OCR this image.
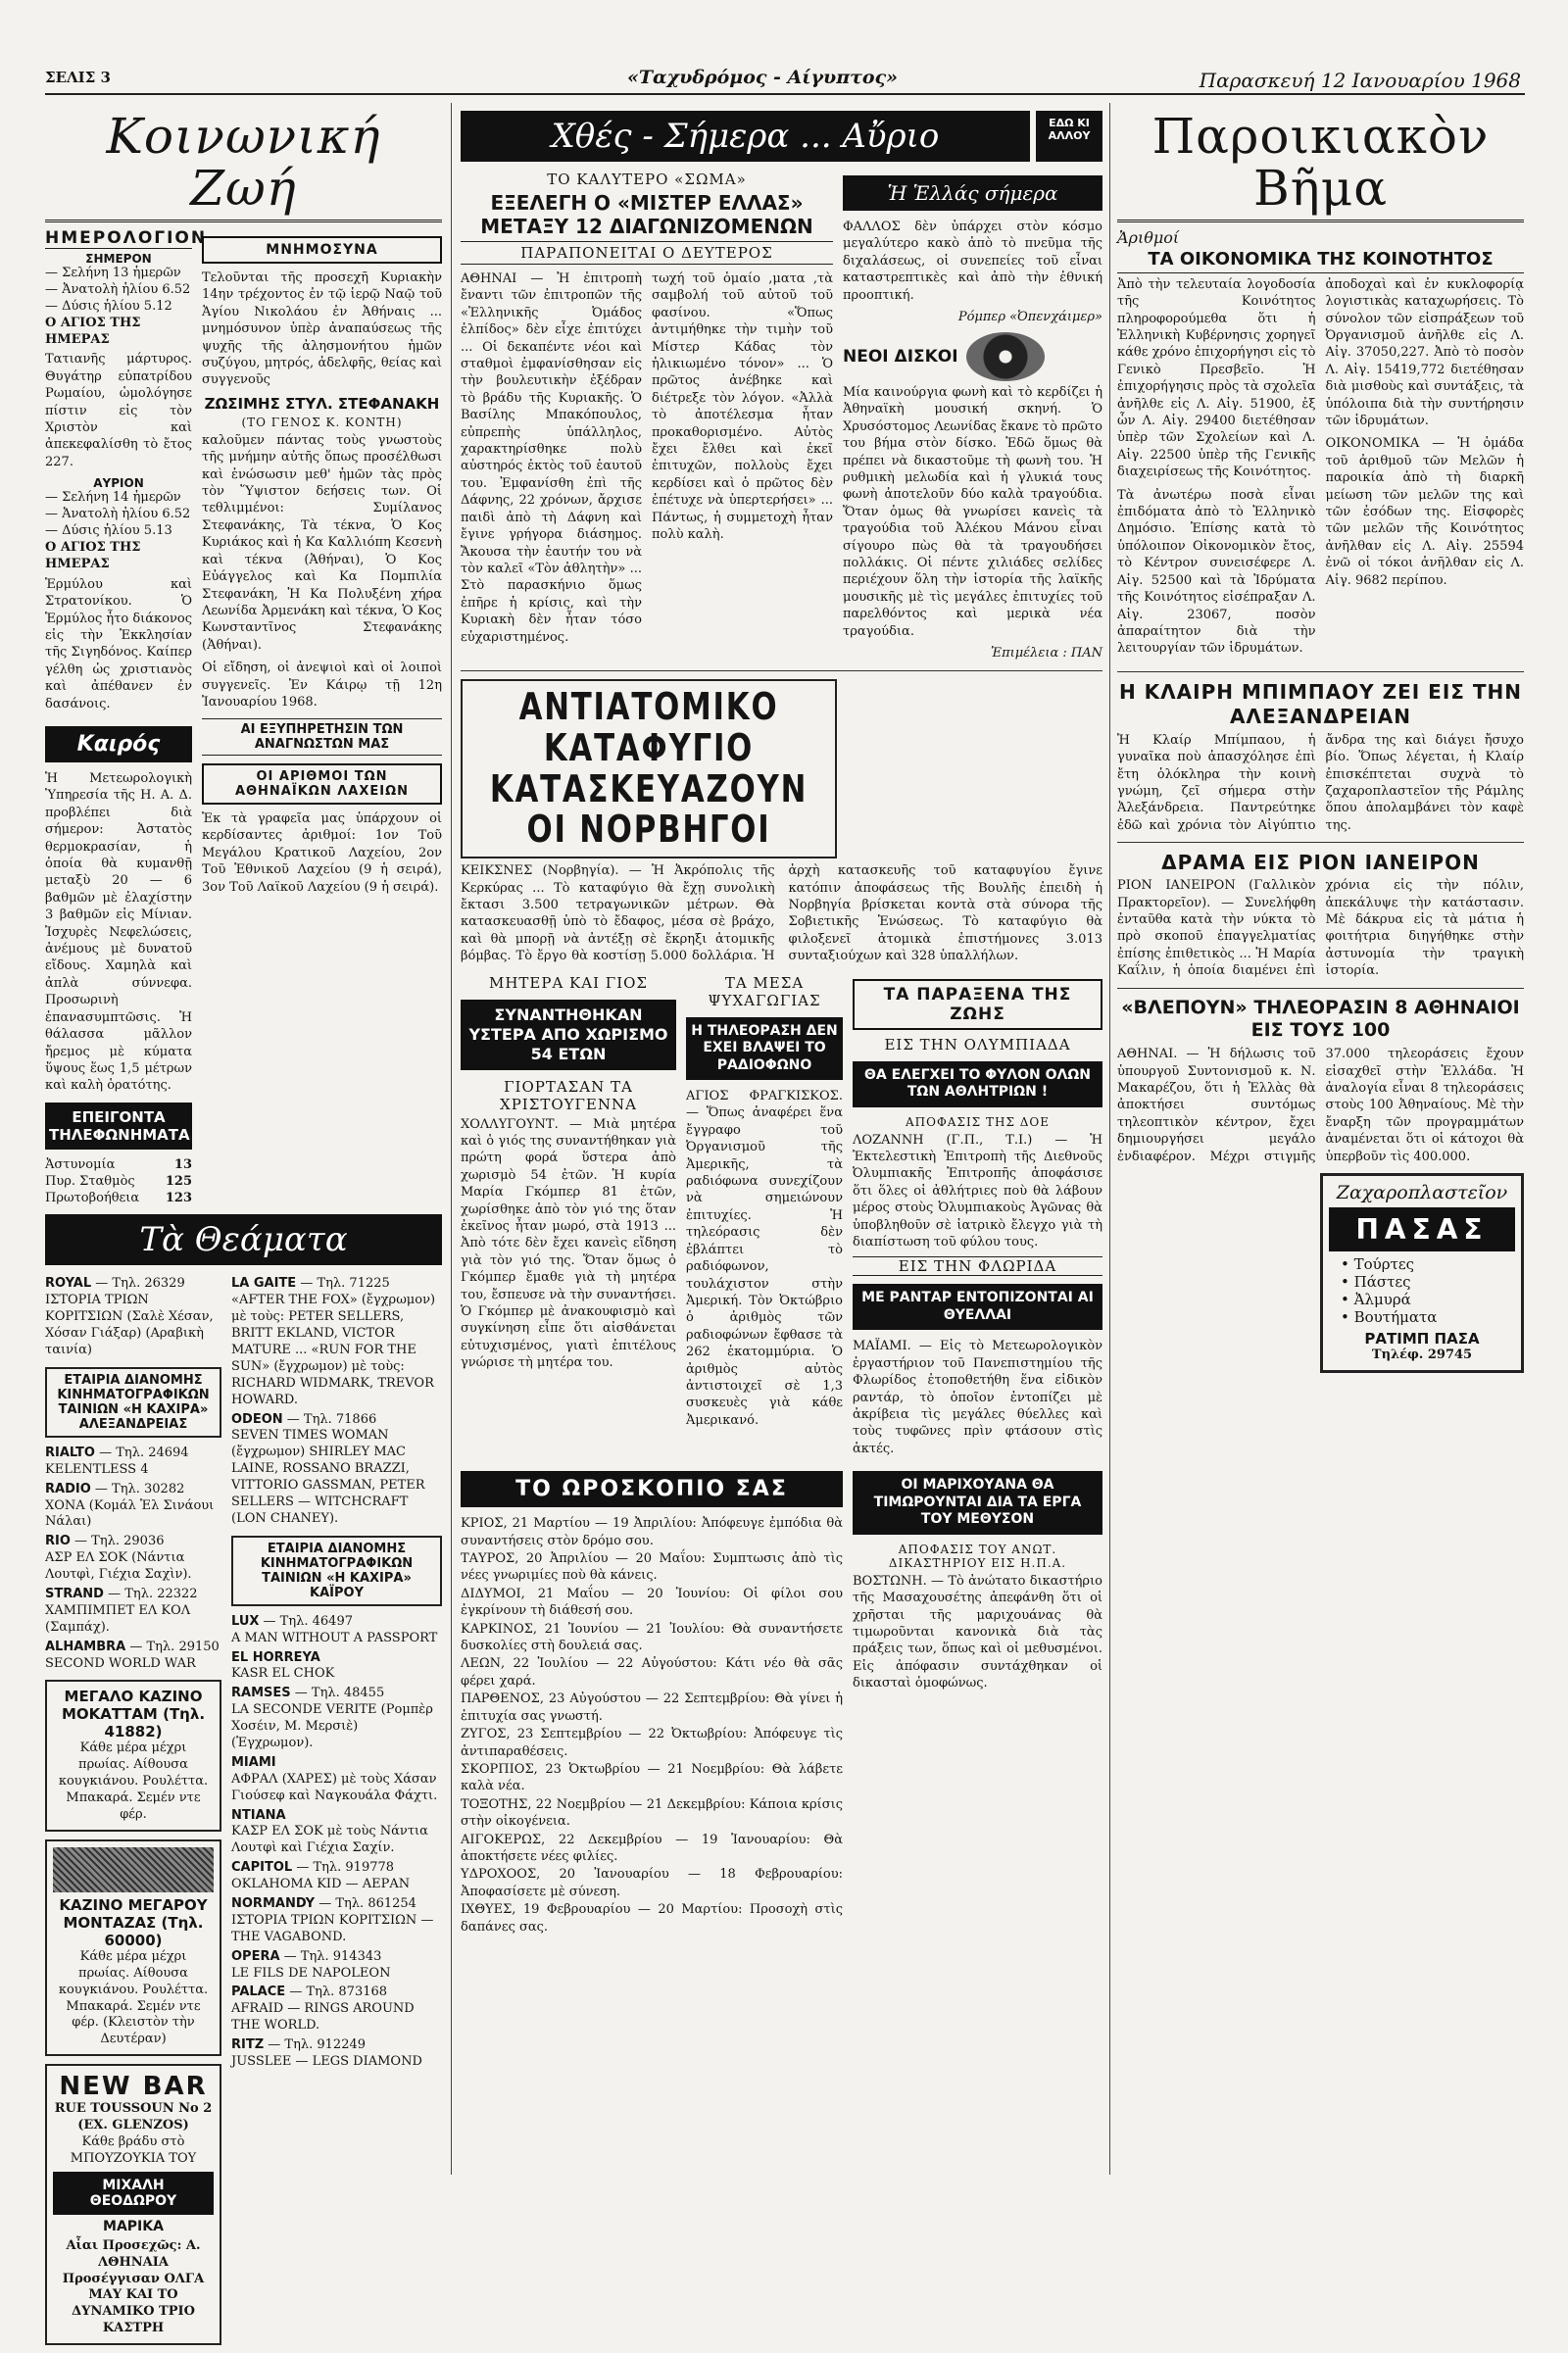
ΣΕΛΙΣ 3	«Ταχυδρόμος - Αίγυπτος»	Παρασκευή 12 Ιανουαρίου 1968
Κοινωνική Ζωή
ΗΜΕΡΟΛΟΓΙΟΝ
ΣΗΜΕΡΟΝ
— Σελήνη 13 ἡμερῶν
— Ἀνατολὴ ἡλίου 6.52
— Δύσις ἡλίου 5.12
Ο ΑΓΙΟΣ ΤΗΣ ΗΜΕΡΑΣ
Τατιανῆς μάρτυρος. Θυγάτηρ εὐπατρίδου Ρωμαίου, ὡμολόγησε πίστιν εἰς τὸν Χριστὸν καὶ ἀπεκεφαλίσθη τὸ ἔτος 227.
ΑΥΡΙΟΝ
— Σελήνη 14 ἡμερῶν
— Ἀνατολὴ ἡλίου 6.52
— Δύσις ἡλίου 5.13
Ο ΑΓΙΟΣ ΤΗΣ ΗΜΕΡΑΣ
Ἑρμύλου καὶ Στρατονίκου. Ὁ Ἑρμύλος ἦτο διάκονος εἰς τὴν Ἐκκλησίαν τῆς Σιγηδόνος. Καίπερ γέλθη ὡς χριστιανὸς καὶ ἀπέθανεν ἐν δασάνοις.
ΜΝΗΜΟΣΥΝΑ
Τελοῦνται τῆς προσεχῆ Κυριακὴν 14ην τρέχοντος ἐν τῷ ἱερῷ Ναῷ τοῦ Ἁγίου Νικολάου ἐν Ἀθήναις ... μνημόσυνον ὑπὲρ ἀναπαύσεως τῆς ψυχῆς τῆς ἀλησμονήτου ἡμῶν συζύγου, μητρός, ἀδελφῆς, θείας καὶ συγγενοῦς
ΖΩΣΙΜΗΣ ΣΤΥΛ. ΣΤΕΦΑΝΑΚΗ
(ΤΟ ΓΕΝΟΣ Κ. ΚΟΝΤΗ)
καλοῦμεν πάντας τοὺς γνωστοὺς τῆς μνήμην αὐτῆς ὅπως προσέλθωσι καὶ ἑνώσωσιν μεθ' ἡμῶν τὰς πρὸς τὸν Ὕψιστον δεήσεις των. Οἱ τεθλιμμένοι: Συμίλανος Στεφανάκης, Τὰ τέκνα, Ὁ Κος Κυριάκος καὶ ἡ Κα Καλλιόπη Κεσενὴ καὶ τέκνα (Ἀθήναι), Ὁ Κος Εὐάγγελος καὶ Κα Πομπιλία Στεφανάκη, Ἡ Κα Πολυξένη χήρα Λεωνίδα Ἀρμενάκη καὶ τέκνα, Ὁ Κος Κωνσταντῖνος Στεφανάκης (Ἀθήναι).
Οἱ εἴδηση, οἱ ἀνεψιοὶ καὶ οἱ λοιποὶ συγγενεῖς. Ἐν Κάιρῳ τῇ 12η Ἰανουαρίου 1968.
Καιρός
Ἡ Μετεωρολογικὴ Ὑπηρεσία τῆς Η. Α. Δ. προβλέπει διὰ σήμερον: Ἀστατὸς θερμοκρασίαν, ἡ ὁποία θὰ κυμανθῇ μεταξὺ 20 — 6 βαθμῶν μὲ ἐλαχίστην 3 βαθμῶν εἰς Μίνιαν. Ἰσχυρὲς Νεφελώσεις, ἀνέμους μὲ δυνατοῦ εἴδους. Χαμηλὰ καὶ ἀπλὰ σύννεφα. Προσωρινὴ ἐπανασυμπτῶσις. Ἡ θάλασσα μᾶλλον ἤρεμος μὲ κύματα ὕψους ἕως 1,5 μέτρων καὶ καλὴ ὁρατότης.
ΕΠΕΙΓΟΝΤΑ ΤΗΛΕΦΩΝΗΜΑΤΑ
Ἀστυνομία	13
Πυρ. Σταθμὸς 125
Πρωτοβοήθεια 123
ΑΙ ΕΞΥΠΗΡΕΤΗΣΙΝ ΤΩΝ ΑΝΑΓΝΩΣΤΩΝ ΜΑΣ
ΟΙ ΑΡΙΘΜΟΙ ΤΩΝ ΑΘΗΝΑΪΚΩΝ ΛΑΧΕΙΩΝ
Ἐκ τὰ γραφεῖα μας ὑπάρχουν οἱ κερδίσαντες ἀριθμοί: 1ον Τοῦ Μεγάλου Κρατικοῦ Λαχείου, 2ον Τοῦ Ἐθνικοῦ Λαχείου (9 ἡ σειρά), 3ον Τοῦ Λαϊκοῦ Λαχείου (9 ἡ σειρά).
Τὰ Θεάματα
ROYAL — Τηλ. 26329
ΙΣΤΟΡΙΑ ΤΡΙΩΝ ΚΟΡΙΤΣΙΩΝ (Σαλὲ Χέσαν, Χόσαν Γιάξαρ) (Αραβικὴ ταινία)
ΕΤΑΙΡΙΑ ΔΙΑΝΟΜΗΣ ΚΙΝΗΜΑΤΟΓΡΑΦΙΚΩΝ ΤΑΙΝΙΩΝ «Η ΚΑΧΙΡΑ» ΑΛΕΞΑΝΔΡΕΙΑΣ
RIALTO — Τηλ. 24694
KELENTLESS 4
RADIO — Τηλ. 30282
ΧΟΝΑ (Κομάλ Ἐλ Σινάουι Νάλαι)
RIO — Τηλ. 29036
ΑΣΡ ΕΛ ΣΟΚ (Νάντια Λουτφὶ, Γιέχια Σαχὶν).
STRAND — Τηλ. 22322
ΧΑΜΠΙΜΠΕΤ ΕΛ ΚΟΛ (Σαμπάχ).
ALHAMBRA — Τηλ. 29150
SECOND WORLD WAR
ΜΕΓΑΛΟ ΚΑΖΙΝΟ ΜΟΚΑΤΤΑΜ (Τηλ. 41882)
Κάθε μέρα μέχρι πρωίας. Αίθουσα κουγκιάνου. Ρουλέττα. Μπακαρά. Σεμέν ντε φέρ.
ΚΑΖΙΝΟ ΜΕΓΑΡΟΥ ΜΟΝΤΑΖΑΣ (Τηλ. 60000)
Κάθε μέρα μέχρι πρωίας. Αίθουσα κουγκιάνου. Ρουλέττα. Μπακαρά. Σεμέν ντε φέρ. (Κλειστὸν τὴν Δευτέραν)
NEW BAR
RUE TOUSSOUN No 2 (EX. GLENZOS)
Κάθε βράδυ στὸ ΜΠΟΥΖΟΥΚΙΑ ΤΟΥ
ΜΙΧΑΛΗ ΘΕΟΔΩΡΟΥ
ΜΑΡΙΚΑ
Αἶαι Προσεχῶς: Α. ΛΘΗΝΑΙΑ Προσέγγισαν ΟΛΓΑ ΜΑΥ ΚΑΙ ΤΟ ΔΥΝΑΜΙΚΟ ΤΡΙΟ ΚΑΣΤΡΗ
LA GAITE — Τηλ. 71225
«AFTER THE FOX» (ἔγχρωμον) μὲ τοὺς: PETER SELLERS, BRITT EKLAND, VICTOR MATURE ... «RUN FOR THE SUN» (ἔγχρωμον) μὲ τοὺς: RICHARD WIDMARK, TREVOR HOWARD.
ODEON — Τηλ. 71866
SEVEN TIMES WOMAN (ἔγχρωμον) SHIRLEY MAC LAINE, ROSSANO BRAZZI, VITTORIO GASSMAN, PETER SELLERS — WITCHCRAFT (LON CHANEY).
ΕΤΑΙΡΙΑ ΔΙΑΝΟΜΗΣ ΚΙΝΗΜΑΤΟΓΡΑΦΙΚΩΝ ΤΑΙΝΙΩΝ «Η ΚΑΧΙΡΑ» ΚΑΪΡΟΥ
LUX — Τηλ. 46497
A MAN WITHOUT A PASSPORT
EL HORREYA
KASR EL CHOK
RAMSES — Τηλ. 48455
LA SECONDE VERITE (Ρομπὲρ Χοσέιν, Μ. Μερσιὲ) (Ἐγχρωμον).
MIAMI
ΑΦΡΑΛ (ΧΑΡΕΣ) μὲ τοὺς Χάσαν Γιούσεφ καὶ Ναγκουάλα Φάχτι.
NTIANA
ΚΑΣΡ ΕΛ ΣΟΚ μὲ τοὺς Νάντια Λουτφὶ καὶ Γιέχια Σαχίν.
CAPITOL — Τηλ. 919778
OKLAHOMA KID — ΑΕΡΑΝ
NORMANDY — Τηλ. 861254
ΙΣΤΟΡΙΑ ΤΡΙΩΝ ΚΟΡΙΤΣΙΩΝ — THE VAGABOND.
OPERA — Τηλ. 914343
LE FILS DE NAPOLEON
PALACE — Τηλ. 873168
AFRAID — RINGS AROUND THE WORLD.
RITZ — Τηλ. 912249
JUSSLEE — LEGS DIAMOND
Χθές - Σήμερα ... Αὔριο	ΕΔΩ ΚΙ ΑΛΛΟΥ
ΤΟ ΚΑΛΥΤΕΡΟ «ΣΩΜΑ»
ΕΞΕΛΕΓΗ Ο «ΜΙΣΤΕΡ ΕΛΛΑΣ» ΜΕΤΑΞΥ 12 ΔΙΑΓΩΝΙΖΟΜΕΝΩΝ
ΠΑΡΑΠΟΝΕΙΤΑΙ Ο ΔΕΥΤΕΡΟΣ
ΑΘΗΝΑΙ — Ἡ ἐπιτροπὴ ἔναντι τῶν ἐπιτροπῶν τῆς «Ἐλληνικῆς Ὀμάδος ἐλπίδος» δὲν εἶχε ἐπιτύχει ... Οἱ δεκαπέντε νέοι καὶ σταθμοὶ ἐμφανίσθησαν εἰς τὴν βουλευτικὴν ἐξέδραν τὸ βράδυ τῆς Κυριακῆς. Ὁ Βασίλης Μπακόπουλος, εὐπρεπὴς ὑπάλληλος, χαρακτηρίσθηκε πολὺ αὐστηρός ἐκτὸς τοῦ ἑαυτοῦ του. Ἐμφανίσθη ἐπὶ τῆς Δάφνης, 22 χρόνων, ἄρχισε παιδὶ ἀπὸ τὴ Δάφνη καὶ ἔγινε γρήγορα διάσημος. Ἄκουσα τὴν ἑαυτήν του νὰ τὸν καλεῖ «Τὸν ἀθλητὴν» ... Στὸ παρασκήνιο ὅμως ἐπῆρε ἡ κρίσις, καὶ τὴν Κυριακὴ δὲν ἦταν τόσο εὐχαριστημένος.
τωχή τοῦ ὁμαίο ,ματα ,τὰ σαμβολή τοῦ αὐτοῦ τοῦ φασίνου. «Ὅπως ἀντιμήθηκε τὴν τιμὴν τοῦ Μίστερ Κάδας τὸν ἡλικιωμένο τόνον» ... Ὁ πρῶτος ἀνέβηκε καὶ διέτρεξε τὸν λόγον. «Ἀλλὰ τὸ ἀποτέλεσμα ἦταν προκαθορισμένο. Αὐτὸς ἔχει ἔλθει καὶ ἐκεῖ ἐπιτυχῶν, πολλοὺς ἔχει κερδίσει καὶ ὁ πρῶτος δὲν ἐπέτυχε νὰ ὑπερτερήσει» ... Πάντως, ἡ συμμετοχὴ ἦταν πολὺ καλὴ.
Ἡ Ἑλλάς σήμερα
ΦΑΛΛΟΣ δὲν ὑπάρχει στὸν κόσμο μεγαλύτερο κακὸ ἀπὸ τὸ πνεῦμα τῆς διχαλάσεως, οἱ συνεπείες τοῦ εἶναι καταστρεπτικὲς καὶ ἀπὸ τὴν ἐθνική προοπτική.
Ρόμπερ «Ὀπενχάιμερ»
ΝΕΟΙ ΔΙΣΚΟΙ
Μία καινούργια φωνὴ καὶ τὸ κερδίζει ἡ Ἀθηναϊκὴ μουσική σκηνή. Ὁ Χρυσόστομος Λεωνίδας ἔκανε τὸ πρῶτο του βήμα στὸν δίσκο. Ἐδῶ ὅμως θὰ πρέπει νὰ δικαστοῦμε τὴ φωνὴ του. Ἡ ρυθμικὴ μελωδία καὶ ἡ γλυκιά τους φωνὴ ἀποτελοῦν δύο καλὰ τραγούδια. Ὅταν ὁμως θὰ γνωρίσει κανεὶς τὰ τραγούδια τοῦ Ἀλέκου Μάνου εἶναι σίγουρο πὼς θὰ τὰ τραγουδήσει πολλάκις. Οἱ πέντε χιλιάδες σελίδες περιέχουν ὅλη τὴν ἱστορία τῆς λαϊκῆς μουσικῆς μὲ τὶς μεγάλες ἐπιτυχίες τοῦ παρελθόντος καὶ μερικὰ νέα τραγούδια.
Ἐπιμέλεια : ΠΑΝ
ΑΝΤΙΑΤΟΜΙΚΟ ΚΑΤΑΦΥΓΙΟ ΚΑΤΑΣΚΕΥΑΖΟΥΝ ΟΙ ΝΟΡΒΗΓΟΙ
ΚΕΙΚΣΝΕΣ (Νορβηγία). — Ἡ Ἀκρόπολις τῆς Κερκύρας ... Τὸ καταφύγιο θὰ ἔχῃ συνολικὴ ἔκτασι 3.500 τετραγωνικῶν μέτρων. Θὰ κατασκευασθῇ ὑπὸ τὸ ἔδαφος, μέσα σὲ βράχο, καὶ θὰ μπορῇ νὰ ἀντέξῃ σὲ ἔκρηξι ἀτομικῆς βόμβας. Τὸ ἔργο θὰ κοστίσῃ 5.000 δολλάρια. Ἡ ἀρχὴ κατασκευῆς τοῦ καταφυγίου ἔγινε κατόπιν ἀποφάσεως τῆς Βουλῆς ἐπειδὴ ἡ Νορβηγία βρίσκεται κοντὰ στὰ σύνορα τῆς Σοβιετικῆς Ἑνώσεως. Τὸ καταφύγιο θὰ φιλοξενεῖ ἀτομικὰ ἐπιστήμονες 3.013 συνταξιούχων καὶ 328 ὑπαλλήλων.
ΜΗΤΕΡΑ ΚΑΙ ΓΙΟΣ
ΣΥΝΑΝΤΗΘΗΚΑΝ ΥΣΤΕΡΑ ΑΠΟ ΧΩΡΙΣΜΟ 54 ΕΤΩΝ
ΓΙΟΡΤΑΣΑΝ ΤΑ ΧΡΙΣΤΟΥΓΕΝΝΑ
ΧΟΛΛΥΓΟΥΝΤ. — Μιὰ μητέρα καὶ ὁ γιός της συναντήθηκαν γιὰ πρώτη φορά ὕστερα ἀπὸ χωρισμὸ 54 ἐτῶν. Ἡ κυρία Μαρία Γκόμπερ 81 ἐτῶν, χωρίσθηκε ἀπὸ τὸν γιό της ὅταν ἐκεῖνος ἦταν μωρό, στὰ 1913 ... Ἀπὸ τότε δὲν ἔχει κανεὶς εἴδηση γιὰ τὸν γιό της. Ὅταν ὅμως ὁ Γκόμπερ ἔμαθε γιὰ τὴ μητέρα του, ἔσπευσε νὰ τὴν συναντήσει. Ὁ Γκόμπερ μὲ ἀνακουφισμὸ καὶ συγκίνηση εἶπε ὅτι αἰσθάνεται εὐτυχισμένος, γιατὶ ἐπιτέλους γνώρισε τὴ μητέρα του.
ΤΑ ΜΕΣΑ ΨΥΧΑΓΩΓΙΑΣ
Η ΤΗΛΕΟΡΑΣΗ ΔΕΝ ΕΧΕΙ ΒΛΑΨΕΙ ΤΟ ΡΑΔΙΟΦΩΝΟ
ΑΓΙΟΣ ΦΡΑΓΚΙΣΚΟΣ. — Ὅπως ἀναφέρει ἕνα ἔγγραφο τοῦ Ὀργανισμοῦ τῆς Ἀμερικῆς, τὰ ραδιόφωνα συνεχίζουν νὰ σημειώνουν ἐπιτυχίες. Ἡ τηλεόρασις δὲν ἐβλάπτει τὸ ραδιόφωνον, τουλάχιστον στὴν Ἀμερική. Τὸν Ὀκτώβριο ὁ ἀριθμὸς τῶν ραδιοφώνων ἔφθασε τὰ 262 ἑκατομμύρια. Ὁ ἀριθμὸς αὐτὸς ἀντιστοιχεῖ σὲ 1,3 συσκευὲς γιὰ κάθε Ἀμερικανό.
ΤΑ ΠΑΡΑΞΕΝΑ ΤΗΣ ΖΩΗΣ
ΕΙΣ ΤΗΝ ΟΛΥΜΠΙΑΔΑ
ΘΑ ΕΛΕΓΧΕΙ ΤΟ ΦΥΛΟΝ ΟΛΩΝ ΤΩΝ ΑΘΛΗΤΡΙΩΝ !
ΑΠΟΦΑΣΙΣ ΤΗΣ ΔΟΕ
ΛΟΖΑΝΝΗ (Γ.Π., Τ.Ι.) — Ἡ Ἐκτελεστικὴ Ἐπιτροπὴ τῆς Διεθνοῦς Ὀλυμπιακῆς Ἐπιτροπῆς ἀποφάσισε ὅτι ὅλες οἱ ἀθλήτριες ποὺ θὰ λάβουν μέρος στοὺς Ὀλυμπιακοὺς Ἀγῶνας θὰ ὑποβληθοῦν σὲ ἰατρικὸ ἔλεγχο γιὰ τὴ διαπίστωση τοῦ φύλου τους.
ΕΙΣ ΤΗΝ ΦΛΩΡΙΔΑ
ΜΕ ΡΑΝΤΑΡ ΕΝΤΟΠΙΖΟΝΤΑΙ ΑΙ ΘΥΕΛΛΑΙ
ΜΑΪΑΜΙ. — Εἰς τὸ Μετεωρολογικὸν ἐργαστήριον τοῦ Πανεπιστημίου τῆς Φλωρίδος ἐτοποθετήθη ἕνα εἰδικὸν ραντάρ, τὸ ὁποῖον ἐντοπίζει μὲ ἀκρίβεια τὶς μεγάλες θύελλες καὶ τοὺς τυφῶνες πρὶν φτάσουν στὶς ἀκτές.
ΤΟ ΩΡΟΣΚΟΠΙΟ ΣΑΣ
ΚΡΙΟΣ, 21 Μαρτίου — 19 Ἀπριλίου: Ἀπόφευγε ἐμπόδια θὰ συναντήσεις στὸν δρόμο σου.
ΤΑΥΡΟΣ, 20 Ἀπριλίου — 20 Μαΐου: Συμπτωσις ἀπὸ τὶς νέες γνωριμίες ποὺ θὰ κάνεις.
ΔΙΔΥΜΟΙ, 21 Μαΐου — 20 Ἰουνίου: Οἱ φίλοι σου ἐγκρίνουν τὴ διάθεσή σου.
ΚΑΡΚΙΝΟΣ, 21 Ἰουνίου — 21 Ἰουλίου: Θὰ συναντήσετε δυσκολίες στὴ δουλειά σας.
ΛΕΩΝ, 22 Ἰουλίου — 22 Αὐγούστου: Κάτι νέο θὰ σᾶς φέρει χαρά.
ΠΑΡΘΕΝΟΣ, 23 Αὐγούστου — 22 Σεπτεμβρίου: Θὰ γίνει ἡ ἐπιτυχία σας γνωστή.
ΖΥΓΟΣ, 23 Σεπτεμβρίου — 22 Ὀκτωβρίου: Ἀπόφευγε τὶς ἀντιπαραθέσεις.
ΣΚΟΡΠΙΟΣ, 23 Ὀκτωβρίου — 21 Νοεμβρίου: Θὰ λάβετε καλὰ νέα.
ΤΟΞΟΤΗΣ, 22 Νοεμβρίου — 21 Δεκεμβρίου: Κάποια κρίσις στὴν οἰκογένεια.
ΑΙΓΟΚΕΡΩΣ, 22 Δεκεμβρίου — 19 Ἰανουαρίου: Θὰ ἀποκτήσετε νέες φιλίες.
ΥΔΡΟΧΟΟΣ, 20 Ἰανουαρίου — 18 Φεβρουαρίου: Ἀποφασίσετε μὲ σύνεση.
ΙΧΘΥΕΣ, 19 Φεβρουαρίου — 20 Μαρτίου: Προσοχὴ στὶς δαπάνες σας.
ΟΙ ΜΑΡΙΧΟΥΑΝΑ ΘΑ ΤΙΜΩΡΟΥΝΤΑΙ ΔΙΑ ΤΑ ΕΡΓΑ ΤΟΥ ΜΕΘΥΣΟΝ
ΑΠΟΦΑΣΙΣ ΤΟΥ ΑΝΩΤ. ΔΙΚΑΣΤΗΡΙΟΥ ΕΙΣ Η.Π.Α.
ΒΟΣΤΩΝΗ. — Τὸ ἀνώτατο δικαστήριο τῆς Μασαχουσέτης ἀπεφάνθη ὅτι οἱ χρῆσται τῆς μαριχουάνας θὰ τιμωροῦνται κανονικὰ διὰ τὰς πράξεις των, ὅπως καὶ οἱ μεθυσμένοι. Εἰς ἀπόφασιν συντάχθηκαν οἱ δικασταὶ ὁμοφώνως.
Παροικιακὸν Βῆμα
Ἀριθμοί
ΤΑ ΟΙΚΟΝΟΜΙΚΑ ΤΗΣ ΚΟΙΝΟΤΗΤΟΣ
Ἀπὸ τὴν τελευταία λογοδοσία τῆς Κοινότητος πληροφορούμεθα ὅτι ἡ Ἑλληνικὴ Κυβέρνησις χορηγεῖ κάθε χρόνο ἐπιχορήγησι εἰς τὸ Γενικὸ Πρεσβεῖο. Ἡ ἐπιχορήγησις πρὸς τὰ σχολεῖα ἀνῆλθε εἰς Λ. Αἰγ. 51900, ἐξ ὧν Λ. Αἰγ. 29400 διετέθησαν ὑπὲρ τῶν Σχολείων καὶ Λ. Αἰγ. 22500 ὑπὲρ τῆς Γενικῆς διαχειρίσεως τῆς Κοινότητος.
Τὰ ἀνωτέρω ποσὰ εἶναι ἐπιδόματα ἀπὸ τὸ Ἑλληνικὸ Δημόσιο. Ἐπίσης κατὰ τὸ ὑπόλοιπον Οἰκονομικὸν ἔτος, τὸ Κέντρον συνεισέφερε Λ. Αἰγ. 52500 καὶ τὰ Ἱδρύματα τῆς Κοινότητος εἰσέπραξαν Λ. Αἰγ. 23067, ποσὸν ἀπαραίτητον διὰ τὴν λειτουργίαν τῶν ἱδρυμάτων.
ἀποδοχαὶ καὶ ἐν κυκλοφορίᾳ λογιστικὰς καταχωρήσεις. Τὸ σύνολον τῶν εἰσπράξεων τοῦ Ὀργανισμοῦ ἀνῆλθε εἰς Λ. Αἰγ. 37050,227. Ἀπὸ τὸ ποσὸν Λ. Αἰγ. 15419,772 διετέθησαν διὰ μισθοὺς καὶ συντάξεις, τὰ ὑπόλοιπα διὰ τὴν συντήρησιν τῶν ἱδρυμάτων.
ΟΙΚΟΝΟΜΙΚΑ — Ἡ ὁμάδα τοῦ ἀριθμοῦ τῶν Μελῶν ἡ παροικία ἀπὸ τὴ διαρκῆ μείωση τῶν μελῶν της καὶ τῶν ἐσόδων της. Εἰσφορὲς τῶν μελῶν τῆς Κοινότητος ἀνῆλθαν εἰς Λ. Αἰγ. 25594 ἐνῶ οἱ τόκοι ἀνῆλθαν εἰς Λ. Αἰγ. 9682 περίπου.
Η ΚΛΑΙΡΗ ΜΠΙΜΠΑΟΥ ΖΕΙ ΕΙΣ ΤΗΝ ΑΛΕΞΑΝΔΡΕΙΑΝ
Ἡ Κλαίρ Μπίμπαου, ἡ γυναῖκα ποὺ ἀπασχόλησε ἐπὶ ἔτη ὁλόκληρα τὴν κοινὴ γνώμη, ζεῖ σήμερα στὴν Ἀλεξάνδρεια. Παντρεύτηκε ἐδῶ καὶ χρόνια τὸν Αἰγύπτιο ἄνδρα της καὶ διάγει ἤσυχο βίο. Ὅπως λέγεται, ἡ Κλαίρ ἐπισκέπτεται συχνὰ τὸ ζαχαροπλαστεῖον τῆς Ράμλης ὅπου ἀπολαμβάνει τὸν καφὲ της.
ΔΡΑΜΑ ΕΙΣ ΡΙΟΝ ΙΑΝΕΙΡΟΝ
ΡΙΟΝ ΙΑΝΕΙΡΟΝ (Γαλλικὸν Πρακτορεῖον). — Συνελήφθη ἐνταῦθα κατὰ τὴν νύκτα τὸ πρὸ σκοποῦ ἐπαγγελματίας ἐπίσης ἐπιθετικὸς ... Ἡ Μαρία Καΐλιν, ἡ ὁποία διαμένει ἐπὶ χρόνια εἰς τὴν πόλιν, ἀπεκάλυψε τὴν κατάστασιν. Μὲ δάκρυα εἰς τὰ μάτια ἡ φοιτήτρια διηγήθηκε στὴν ἀστυνομία τὴν τραγικὴ ἱστορία.
«ΒΛΕΠΟΥΝ» ΤΗΛΕΟΡΑΣΙΝ 8 ΑΘΗΝΑΙΟΙ ΕΙΣ ΤΟΥΣ 100
ΑΘΗΝΑΙ. — Ἡ δήλωσις τοῦ ὑπουργοῦ Συντονισμοῦ κ. Ν. Μακαρέζου, ὅτι ἡ Ἑλλὰς θὰ ἀποκτήσει συντόμως τηλεοπτικὸν κέντρον, ἔχει δημιουργήσει μεγάλο ἐνδιαφέρον. Μέχρι στιγμῆς 37.000 τηλεοράσεις ἔχουν εἰσαχθεῖ στὴν Ἑλλάδα. Ἡ ἀναλογία εἶναι 8 τηλεοράσεις στοὺς 100 Ἀθηναίους. Μὲ τὴν ἔναρξη τῶν προγραμμάτων ἀναμένεται ὅτι οἱ κάτοχοι θὰ ὑπερβοῦν τὶς 400.000.
Ζαχαροπλαστεῖον
ΠΑΣΑΣ
• Τούρτες
• Πάστες
• Ἀλμυρά
• Βουτήματα
ΡΑΤΙΜΠ ΠΑΣΑ
Τηλέφ. 29745
